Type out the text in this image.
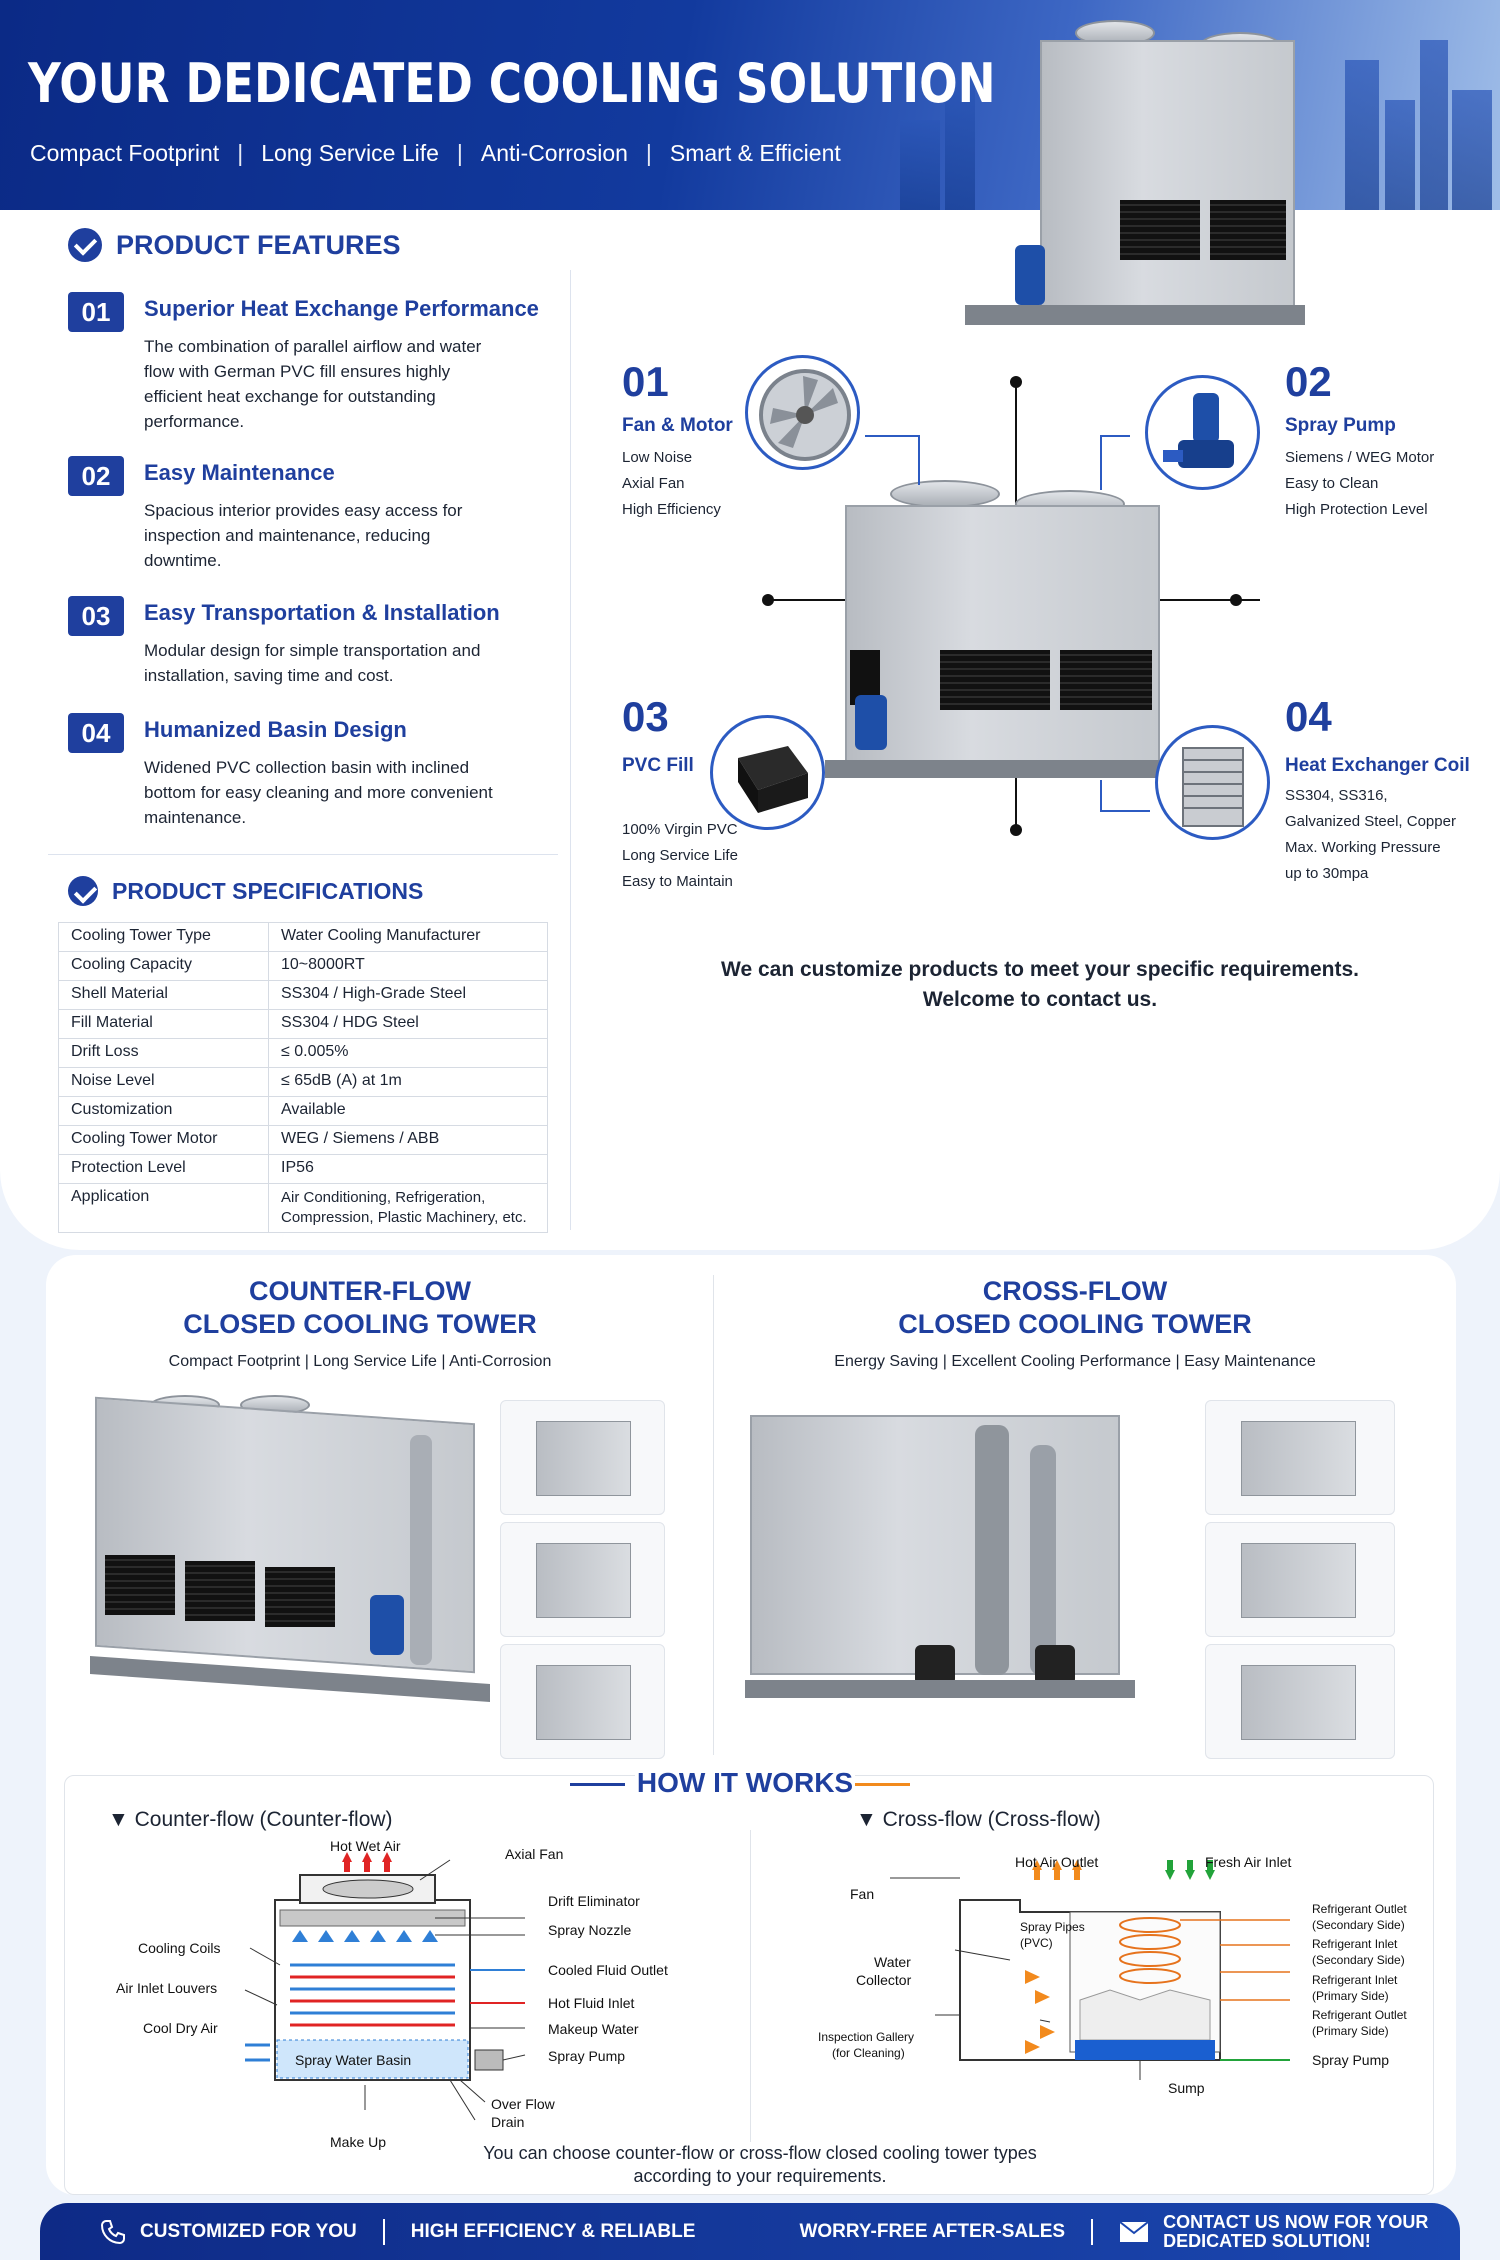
YOUR DEDICATED COOLING SOLUTION
Compact Footprint | Long Service Life | Anti-Corrosion | Smart & Efficient
PRODUCT FEATURES
01	Superior Heat Exchange Performance
The combination of parallel airflow and water flow with German PVC fill ensures highly efficient heat exchange for outstanding performance.
02	Easy Maintenance
Spacious interior provides easy access for inspection and maintenance, reducing downtime.
03	Easy Transportation & Installation
Modular design for simple transportation and installation, saving time and cost.
04	Humanized Basin Design
Widened PVC collection basin with inclined bottom for easy cleaning and more convenient maintenance.
PRODUCT SPECIFICATIONS
Cooling Tower Type	Water Cooling Manufacturer
Cooling Capacity	10~8000RT
Shell Material	SS304 / High-Grade Steel
Fill Material	SS304 / HDG Steel
Drift Loss	≤ 0.005%
Noise Level	≤ 65dB (A) at 1m
Customization	Available
Cooling Tower Motor	WEG / Siemens / ABB
Protection Level	IP56
Application	Air Conditioning, Refrigeration, Compression, Plastic Machinery, etc.
01
Fan & Motor
Low Noise
Axial Fan
High Efficiency
02
Spray Pump
Siemens / WEG Motor
Easy to Clean
High Protection Level
03
PVC Fill
100% Virgin PVC
Long Service Life
Easy to Maintain
04
Heat Exchanger Coil
SS304, SS316,
Galvanized Steel, Copper
Max. Working Pressure
up to 30mpa
We can customize products to meet your specific requirements.
Welcome to contact us.
COUNTER-FLOW
CLOSED COOLING TOWER
Compact Footprint | Long Service Life | Anti-Corrosion
CROSS-FLOW
CLOSED COOLING TOWER
Energy Saving | Excellent Cooling Performance | Easy Maintenance
HOW IT WORKS
▼ Counter-flow (Counter-flow)
Hot Wet Air	Axial Fan
Drift Eliminator
Spray Nozzle
Cooling Coils
Cooled Fluid Outlet
Air Inlet Louvers
Hot Fluid Inlet
Makeup Water
Cool Dry Air
Spray Water Basin	Spray Pump
Over Flow
Drain
Make Up
▼ Cross-flow (Cross-flow)
Hot Air Outlet	Fresh Air Inlet
Fan
Spray Pipes
(PVC)
Water
Collector
Inspection Gallery
(for Cleaning)
Sump
Refrigerant Outlet
(Secondary Side)
Refrigerant Inlet
(Secondary Side)
Refrigerant Inlet
(Primary Side)
Refrigerant Outlet
(Primary Side)
Spray Pump
You can choose counter-flow or cross-flow closed cooling tower types
according to your requirements.
CUSTOMIZED FOR YOU	HIGH EFFICIENCY & RELIABLE	WORRY-FREE AFTER-SALES	CONTACT US NOW FOR YOUR
DEDICATED SOLUTION!
